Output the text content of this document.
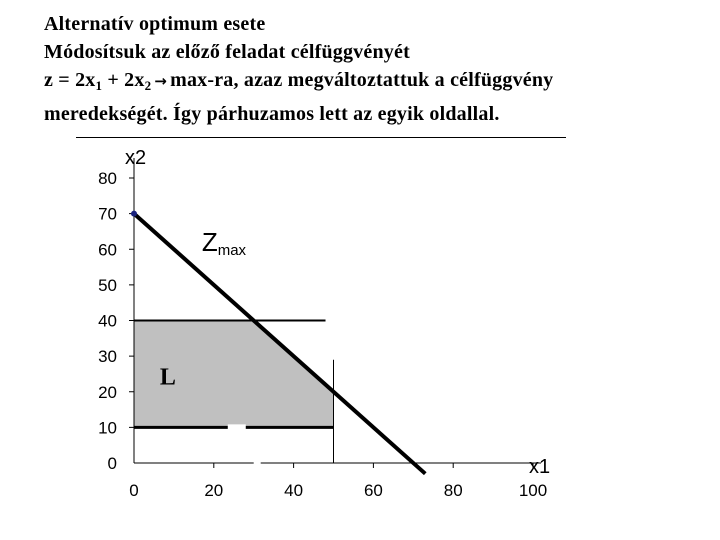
Alternatív optimum esete
Módosítsuk az előző feladat célfüggvényét
$z = 2x_1 + 2x_2 \to \max-ra$, azaz megváltoztattuk a célfüggvény
meredekségét. Így párhuzamos lett az egyik oldallal.
0	20	40	60	80	100
0
10
20
30
40
50
60
70
80
x2
x1
Zmax
L
